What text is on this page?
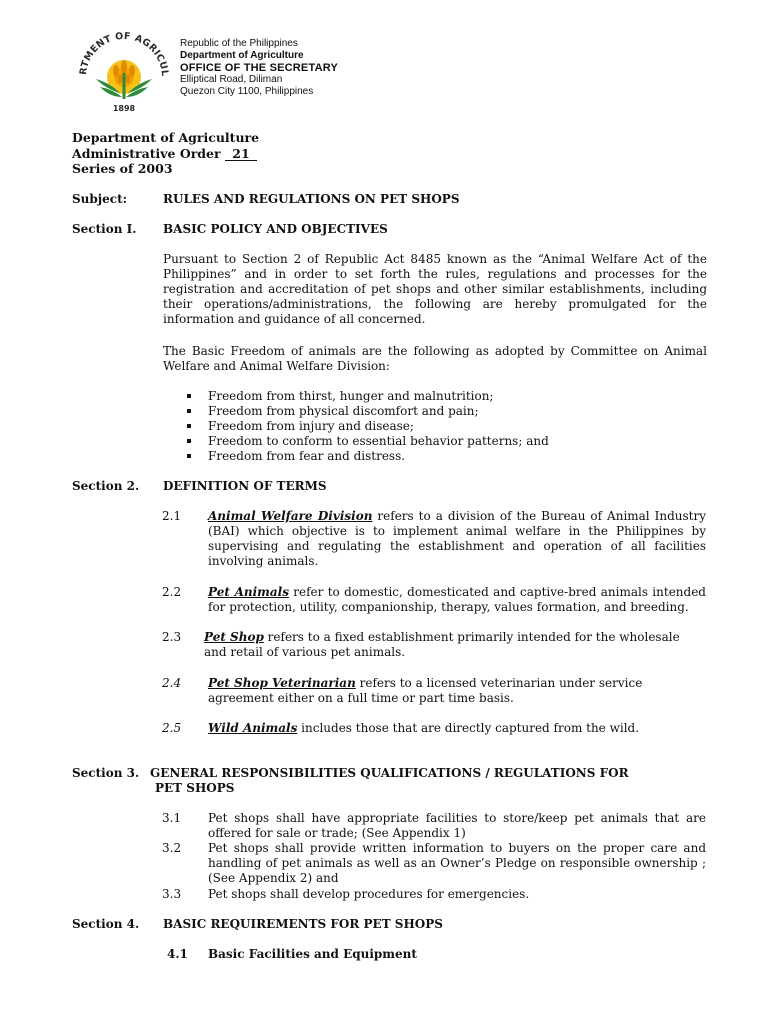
RTMENT OF AGRICUL
1898
Republic of the Philippines
Department of Agriculture
OFFICE OF THE SECRETARY
Elliptical Road, Diliman
Quezon City 1100, Philippines
Department of Agriculture
Administrative Order 21
Series of 2003
Subject:	RULES AND REGULATIONS ON PET SHOPS
Section I. BASIC POLICY AND OBJECTIVES
Pursuant to Section 2 of Republic Act 8485 known as the “Animal Welfare Act of the Philippines” and in order to set forth the rules, regulations and processes for the registration and accreditation of pet shops and other similar establishments, including their operations/administrations, the following are hereby promulgated for the information and guidance of all concerned.
The Basic Freedom of animals are the following as adopted by Committee on Animal Welfare and Animal Welfare Division:
Freedom from thirst, hunger and malnutrition;
Freedom from physical discomfort and pain;
Freedom from injury and disease;
Freedom to conform to essential behavior patterns; and
Freedom from fear and distress.
Section 2. DEFINITION OF TERMS
2.1 Animal Welfare Division refers to a division of the Bureau of Animal Industry (BAI) which objective is to implement animal welfare in the Philippines by supervising and regulating the establishment and operation of all facilities involving animals.
2.2 Pet Animals refer to domestic, domesticated and captive-bred animals intended for protection, utility, companionship, therapy, values formation, and breeding.
2.3 Pet Shop refers to a fixed establishment primarily intended for the wholesale and retail of various pet animals.
2.4 Pet Shop Veterinarian refers to a licensed veterinarian under service agreement either on a full time or part time basis.
2.5 Wild Animals includes those that are directly captured from the wild.
Section 3. GENERAL RESPONSIBILITIES QUALIFICATIONS / REGULATIONS FOR
PET SHOPS
3.1 Pet shops shall have appropriate facilities to store/keep pet animals that are offered for sale or trade; (See Appendix 1)
3.2 Pet shops shall provide written information to buyers on the proper care and handling of pet animals as well as an Owner’s Pledge on responsible ownership ; (See Appendix 2) and
3.3 Pet shops shall develop procedures for emergencies.
Section 4. BASIC REQUIREMENTS FOR PET SHOPS
4.1 Basic Facilities and Equipment
